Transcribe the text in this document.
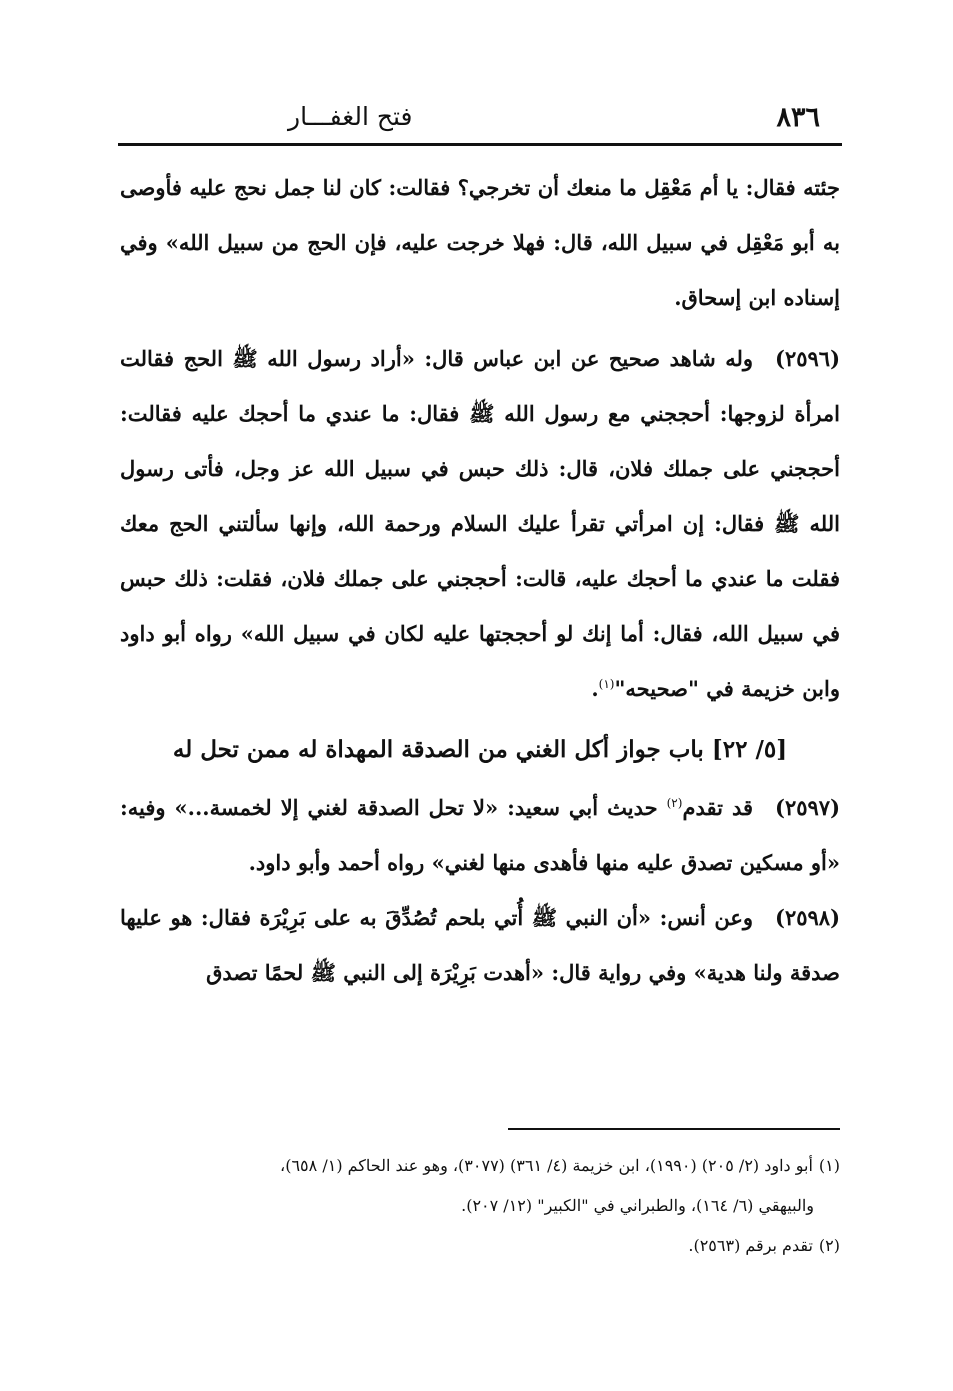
٨٣٦
فتح الغفـــار

جئته فقال: يا أم مَعْقِل ما منعك أن تخرجي؟ فقالت: كان لنا جمل نحج عليه فأوصى به أبو مَعْقِل في سبيل الله، قال: فهلا خرجت عليه، فإن الحج من سبيل الله» وفي إسناده ابن إسحاق.

(٢٥٩٦)وله شاهد صحيح عن ابن عباس قال: «أراد رسول الله ﷺ الحج فقالت امرأة لزوجها: أحججني مع رسول الله ﷺ فقال: ما عندي ما أحجك عليه فقالت: أحججني على جملك فلان، قال: ذلك حبس في سبيل الله عز وجل، فأتى رسول الله ﷺ فقال: إن امرأتي تقرأ عليك السلام ورحمة الله، وإنها سألتني الحج معك فقلت ما عندي ما أحجك عليه، قالت: أحججني على جملك فلان، فقلت: ذلك حبس في سبيل الله، فقال: أما إنك لو أحججتها عليه لكان في سبيل الله» رواه أبو داود وابن خزيمة في "صحيحه"$^{(١)}$.

[٥/ ٢٢] باب جواز أكل الغني من الصدقة المهداة له ممن تحل له

(٢٥٩٧)قد تقدم$^{(٢)}$ حديث أبي سعيد: «لا تحل الصدقة لغني إلا لخمسة...» وفيه: «أو مسكين تصدق عليه منها فأهدى منها لغني» رواه أحمد وأبو داود.

(٢٥٩٨)وعن أنس: «أن النبي ﷺ أُتي بلحم تُصُدِّقَ به على بَرِيْرَة فقال: هو عليها صدقة ولنا هدية» وفي رواية قال: «أهدت بَرِيْرَة إلى النبي ﷺ لحمًا تصدق

(١)أبو داود (٢/ ٢٠٥) (١٩٩٠)، ابن خزيمة (٤/ ٣٦١) (٣٠٧٧)، وهو عند الحاكم (١/ ٦٥٨)،

والبيهقي (٦/ ١٦٤)، والطبراني في "الكبير" (١٢/ ٢٠٧).

(٢)تقدم برقم (٢٥٦٣).
